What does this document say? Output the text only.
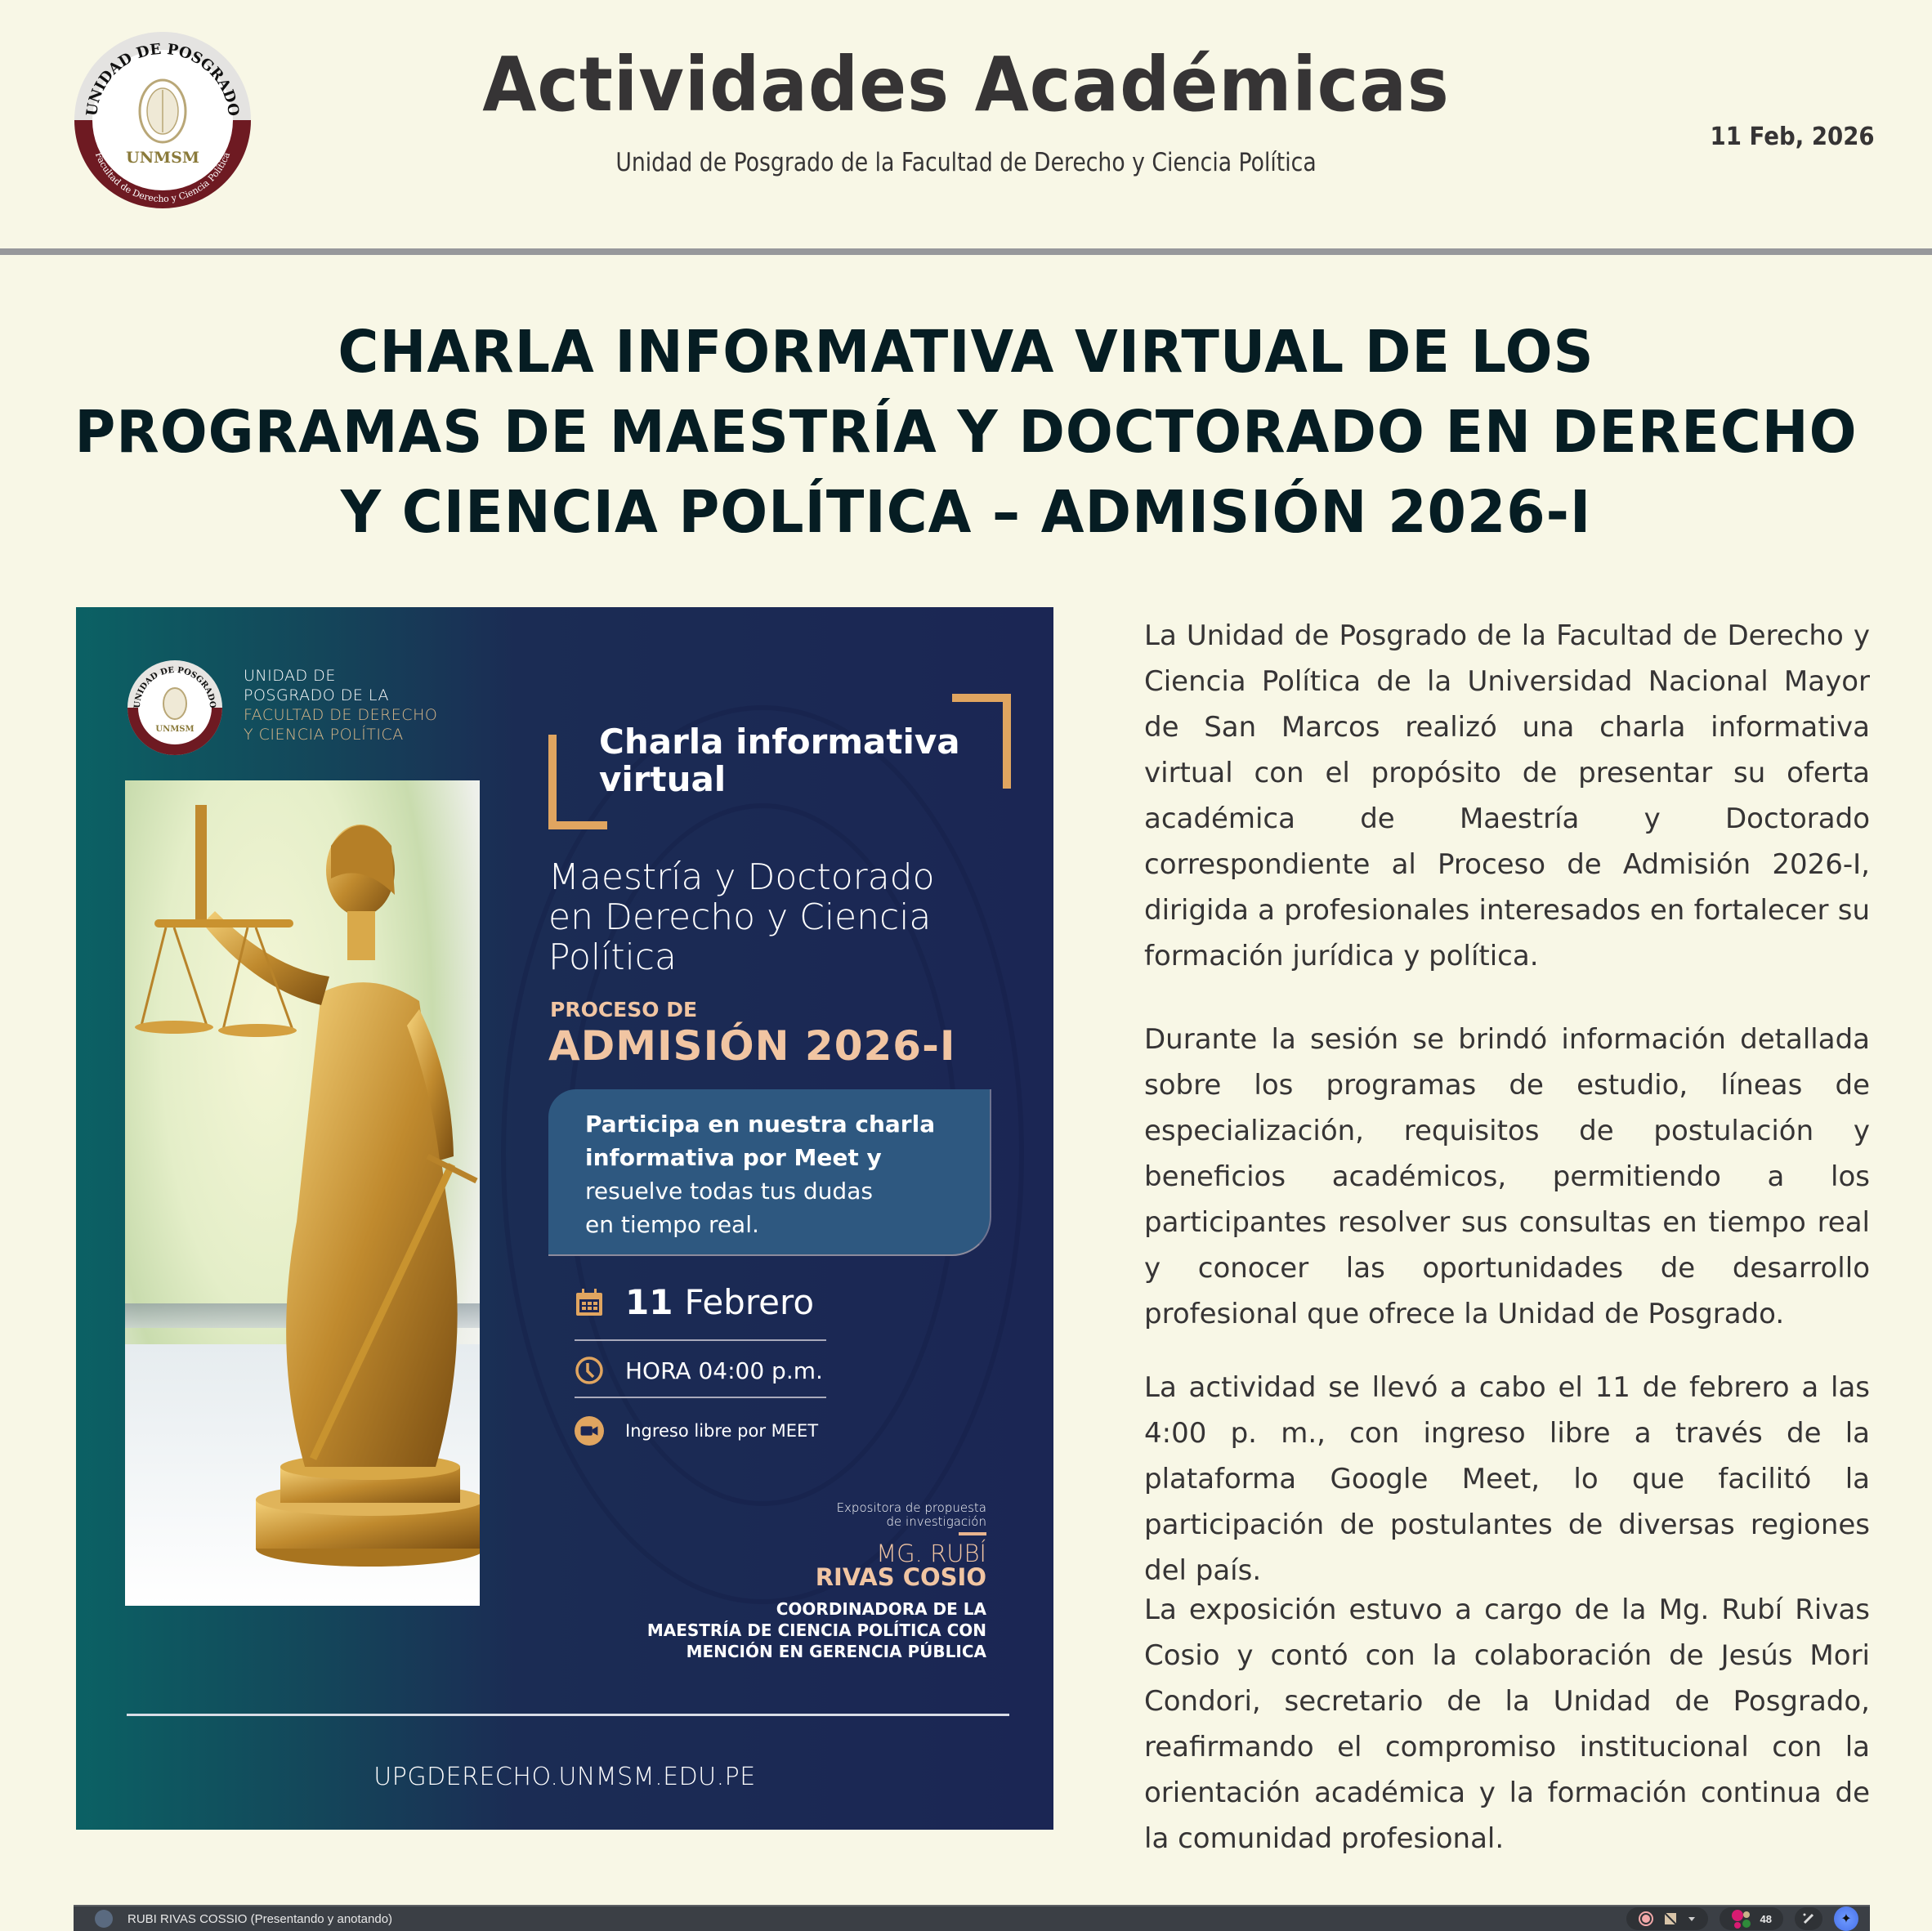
UNIDAD DE POSGRADO
Facultad de Derecho y Ciencia Política
UNMSM
Actividades Académicas
Unidad de Posgrado de la Facultad de Derecho y Ciencia Política
11 Feb, 2026
CHARLA INFORMATIVA VIRTUAL DE LOS
PROGRAMAS DE MAESTRÍA Y DOCTORADO EN DERECHO
Y CIENCIA POLÍTICA – ADMISIÓN 2026-I
UNIDAD DE POSGRADO
UNMSM
UNIDAD DE
POSGRADO DE LA
FACULTAD DE DERECHO
Y CIENCIA POLÍTICA	Charla informativa
virtual
Maestría y Doctorado
en Derecho y Ciencia
Política
PROCESO DE
ADMISIÓN 2026-I
Participa en nuestra charla
informativa por Meet y
resuelve todas tus dudas
en tiempo real.
11 Febrero
HORA 04:00 p.m.
Ingreso libre por MEET
Expositora de propuesta
de investigación
MG. RUBÍ
RIVAS COSIO
COORDINADORA DE LA
MAESTRÍA DE CIENCIA POLÍTICA CON
MENCIÓN EN GERENCIA PÚBLICA
UPGDERECHO.UNMSM.EDU.PE

La Unidad de Posgrado de la Facultad de Derecho y Ciencia Política de la Universidad Nacional Mayor de San Marcos realizó una charla informativa virtual con el propósito de presentar su oferta académica de Maestría y Doctorado correspondiente al Proceso de Admisión 2026-I, dirigida a profesionales interesados en fortalecer su formación jurídica y política.

Durante la sesión se brindó información detallada sobre los programas de estudio, líneas de especialización, requisitos de postulación y beneficios académicos, permitiendo a los participantes resolver sus consultas en tiempo real y conocer las oportunidades de desarrollo profesional que ofrece la Unidad de Posgrado.

La actividad se llevó a cabo el 11 de febrero a las 4:00 p. m., con ingreso libre a través de la plataforma Google Meet, lo que facilitó la participación de postulantes de diversas regiones del país.

La exposición estuvo a cargo de la Mg. Rubí Rivas Cosio y contó con la colaboración de Jesús Mori Condori, secretario de la Unidad de Posgrado, reafirmando el compromiso institucional con la orientación académica y la formación continua de la comunidad profesional.

RUBI RIVAS COSSIO (Presentando y anotando)	48	✦
